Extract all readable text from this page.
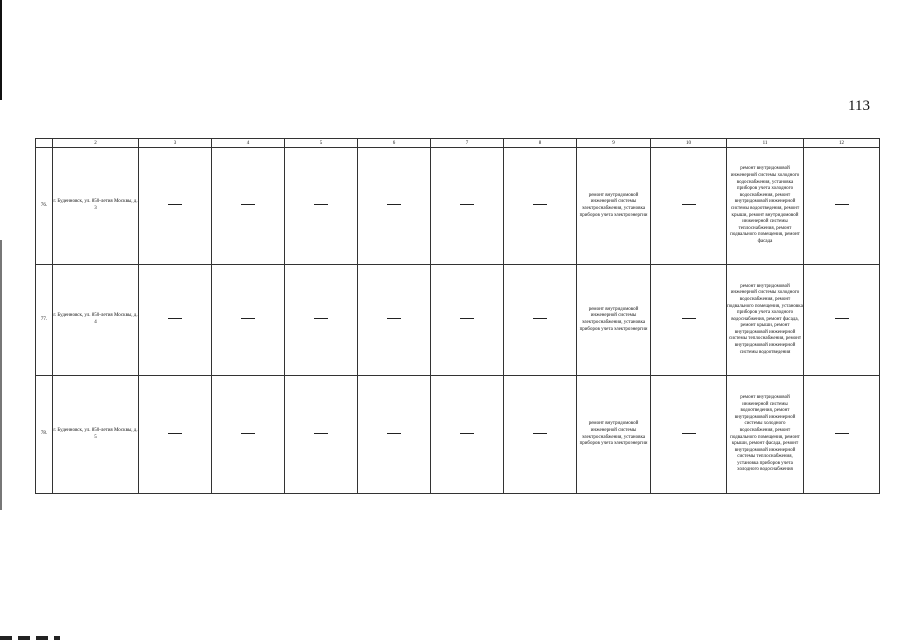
113
	2	3	4	5	6	7	8	9	10	11	12
76.	г. Буденновск, ул. 850-летия Москвы, д. 3							ремонт внутридомовой инженерной системы электроснабжения, установка приборов учета электроэнергии		ремонт внутридомовой инженерной системы холодного водоснабжения, установка приборов учета холодного водоснабжения, ремонт внутридомовой инженерной системы водоотведения, ремонт крыши, ремонт внутридомовой инженерной системы теплоснабжения, ремонт подвального помещения, ремонт фасада	
77.	г. Буденновск, ул. 850-летия Москвы, д. 4							ремонт внутридомовой инженерной системы электроснабжения, установка приборов учета электроэнергии		ремонт внутридомовой инженерной системы холодного водоснабжения, ремонт подвального помещения, установка приборов учета холодного водоснабжения, ремонт фасада, ремонт крыши, ремонт внутридомовой инженерной системы теплоснабжения, ремонт внутридомовой инженерной системы водоотведения	
78.	г. Буденновск, ул. 850-летия Москвы, д. 5							ремонт внутридомовой инженерной системы электроснабжения, установка приборов учета электроэнергии		ремонт внутридомовой инженерной системы водоотведения, ремонт внутридомовой инженерной системы холодного водоснабжения, ремонт подвального помещения, ремонт крыши, ремонт фасада, ремонт внутридомовой инженерной системы теплоснабжения, установка приборов учета холодного водоснабжения	
